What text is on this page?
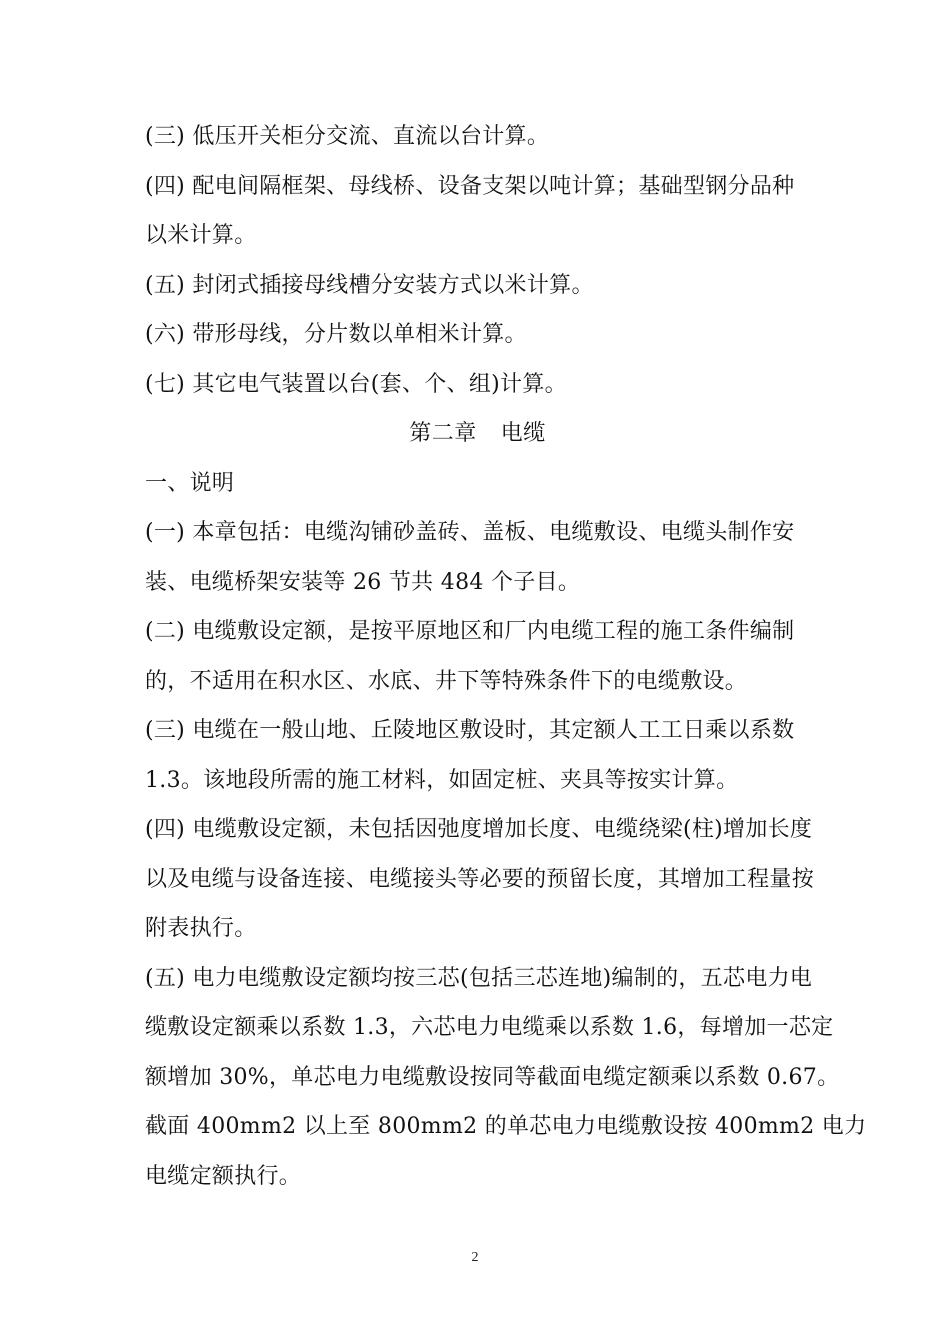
(三) 低压开关柜分交流、直流以台计算。
(四) 配电间隔框架、母线桥、设备支架以吨计算；基础型钢分品种
以米计算。
(五) 封闭式插接母线槽分安装方式以米计算。
(六) 带形母线，分片数以单相米计算。
(七) 其它电气装置以台(套、个、组)计算。
第二章 电缆
一、说明
(一) 本章包括：电缆沟铺砂盖砖、盖板、电缆敷设、电缆头制作安
装、电缆桥架安装等 26 节共 484 个子目。
(二) 电缆敷设定额，是按平原地区和厂内电缆工程的施工条件编制
的，不适用在积水区、水底、井下等特殊条件下的电缆敷设。
(三) 电缆在一般山地、丘陵地区敷设时，其定额人工工日乘以系数
1.3。该地段所需的施工材料，如固定桩、夹具等按实计算。
(四) 电缆敷设定额，未包括因弛度增加长度、电缆绕梁(柱)增加长度
以及电缆与设备连接、电缆接头等必要的预留长度，其增加工程量按
附表执行。
(五) 电力电缆敷设定额均按三芯(包括三芯连地)编制的，五芯电力电
缆敷设定额乘以系数 1.3，六芯电力电缆乘以系数 1.6，每增加一芯定
额增加 30%，单芯电力电缆敷设按同等截面电缆定额乘以系数 0.67。
截面 400mm2 以上至 800mm2 的单芯电力电缆敷设按 400mm2 电力
电缆定额执行。
2
